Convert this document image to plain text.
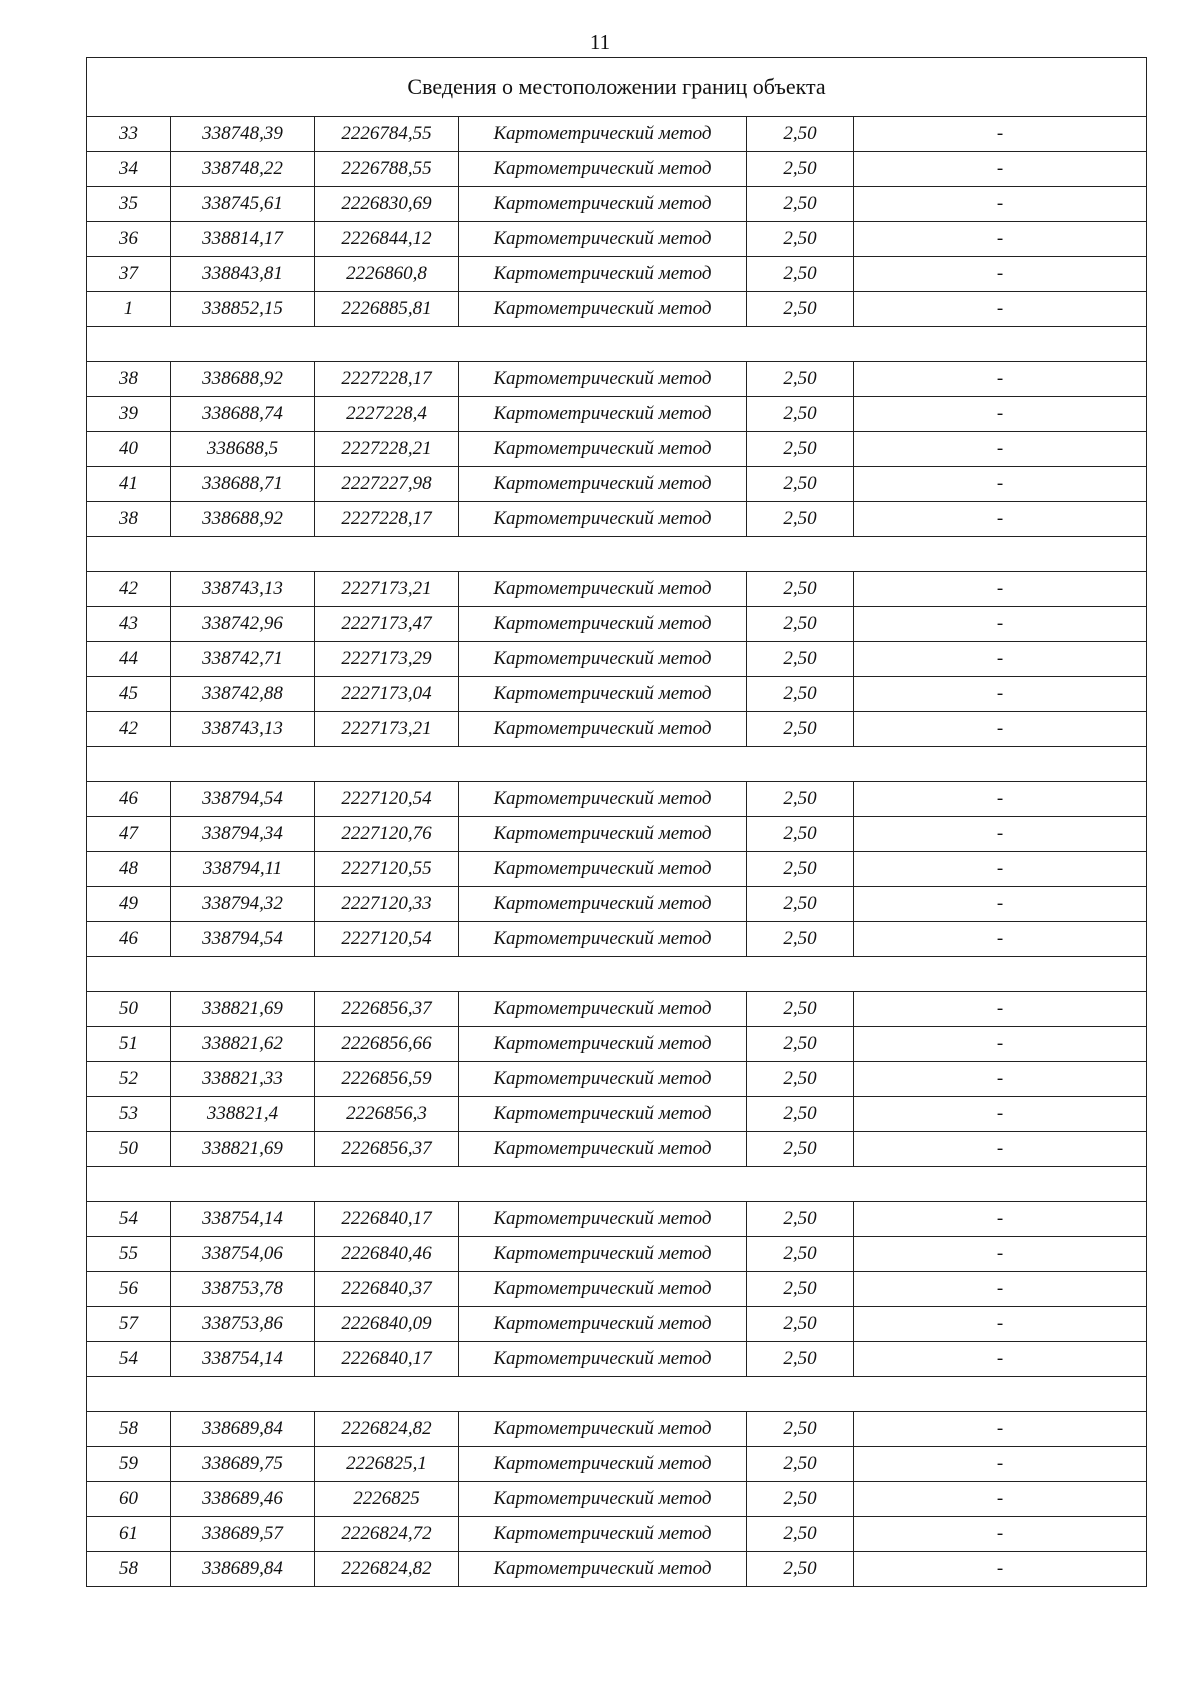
11
Сведения о местоположении границ объекта					
33	338748,39	2226784,55	Картометрический метод	2,50	-
34	338748,22	2226788,55	Картометрический метод	2,50	-
35	338745,61	2226830,69	Картометрический метод	2,50	-
36	338814,17	2226844,12	Картометрический метод	2,50	-
37	338843,81	2226860,8	Картометрический метод	2,50	-
1	338852,15	2226885,81	Картометрический метод	2,50	-

38	338688,92	2227228,17	Картометрический метод	2,50	-
39	338688,74	2227228,4	Картометрический метод	2,50	-
40	338688,5	2227228,21	Картометрический метод	2,50	-
41	338688,71	2227227,98	Картометрический метод	2,50	-
38	338688,92	2227228,17	Картометрический метод	2,50	-

42	338743,13	2227173,21	Картометрический метод	2,50	-
43	338742,96	2227173,47	Картометрический метод	2,50	-
44	338742,71	2227173,29	Картометрический метод	2,50	-
45	338742,88	2227173,04	Картометрический метод	2,50	-
42	338743,13	2227173,21	Картометрический метод	2,50	-

46	338794,54	2227120,54	Картометрический метод	2,50	-
47	338794,34	2227120,76	Картометрический метод	2,50	-
48	338794,11	2227120,55	Картометрический метод	2,50	-
49	338794,32	2227120,33	Картометрический метод	2,50	-
46	338794,54	2227120,54	Картометрический метод	2,50	-

50	338821,69	2226856,37	Картометрический метод	2,50	-
51	338821,62	2226856,66	Картометрический метод	2,50	-
52	338821,33	2226856,59	Картометрический метод	2,50	-
53	338821,4	2226856,3	Картометрический метод	2,50	-
50	338821,69	2226856,37	Картометрический метод	2,50	-

54	338754,14	2226840,17	Картометрический метод	2,50	-
55	338754,06	2226840,46	Картометрический метод	2,50	-
56	338753,78	2226840,37	Картометрический метод	2,50	-
57	338753,86	2226840,09	Картометрический метод	2,50	-
54	338754,14	2226840,17	Картометрический метод	2,50	-

58	338689,84	2226824,82	Картометрический метод	2,50	-
59	338689,75	2226825,1	Картометрический метод	2,50	-
60	338689,46	2226825	Картометрический метод	2,50	-
61	338689,57	2226824,72	Картометрический метод	2,50	-
58	338689,84	2226824,82	Картометрический метод	2,50	-
